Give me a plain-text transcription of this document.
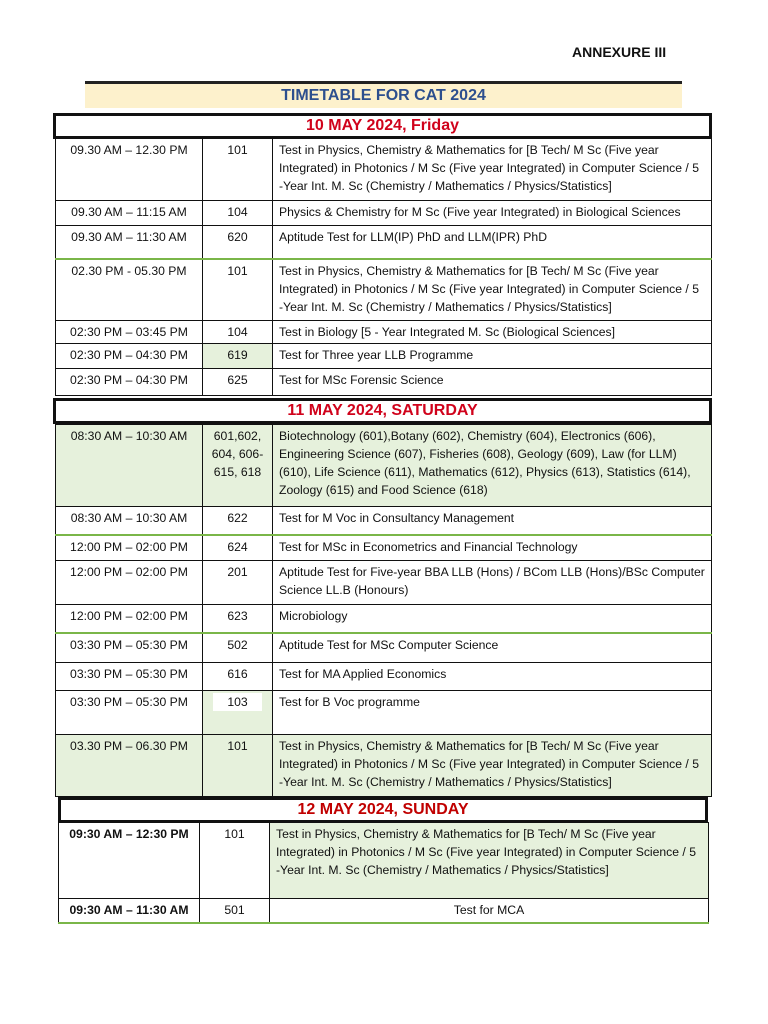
ANNEXURE III
TIMETABLE FOR CAT 2024
10 MAY 2024, Friday
09.30 AM – 12.30 PM	101	Test in Physics, Chemistry & Mathematics for [B Tech/ M Sc (Five year Integrated) in Photonics / M Sc (Five year Integrated) in Computer Science / 5 -Year Int. M. Sc (Chemistry / Mathematics / Physics/Statistics]
09.30 AM – 11:15 AM	104	Physics & Chemistry for M Sc (Five year Integrated) in Biological Sciences
09.30 AM – 11:30 AM	620	Aptitude Test for LLM(IP) PhD and LLM(IPR) PhD
02.30 PM - 05.30 PM	101	Test in Physics, Chemistry & Mathematics for [B Tech/ M Sc (Five year Integrated) in Photonics / M Sc (Five year Integrated) in Computer Science / 5 -Year Int. M. Sc (Chemistry / Mathematics / Physics/Statistics]
02:30 PM – 03:45 PM	104	Test in Biology [5 - Year Integrated M. Sc (Biological Sciences]
02:30 PM – 04:30 PM	619	Test for Three year LLB Programme
02:30 PM – 04:30 PM	625	Test for MSc Forensic Science
11 MAY 2024, SATURDAY
08:30 AM – 10:30 AM	601,602, 604, 606- 615, 618	Biotechnology (601),Botany (602), Chemistry (604), Electronics (606), Engineering Science (607), Fisheries (608), Geology (609), Law (for LLM) (610), Life Science (611), Mathematics (612), Physics (613), Statistics (614), Zoology (615) and Food Science (618)
08:30 AM – 10:30 AM	622	Test for M Voc in Consultancy Management
12:00 PM – 02:00 PM	624	Test for MSc in Econometrics and Financial Technology
12:00 PM – 02:00 PM	201	Aptitude Test for Five-year BBA LLB (Hons) / BCom LLB (Hons)/BSc Computer Science LL.B (Honours)
12:00 PM – 02:00 PM	623	Microbiology
03:30 PM – 05:30 PM	502	Aptitude Test for MSc Computer Science
03:30 PM – 05:30 PM	616	Test for MA Applied Economics
03:30 PM – 05:30 PM	103	Test for B Voc programme
03.30 PM – 06.30 PM	101	Test in Physics, Chemistry & Mathematics for [B Tech/ M Sc (Five year Integrated) in Photonics / M Sc (Five year Integrated) in Computer Science / 5 -Year Int. M. Sc (Chemistry / Mathematics / Physics/Statistics]
12 MAY 2024, SUNDAY
09:30 AM – 12:30 PM	101	Test in Physics, Chemistry & Mathematics for [B Tech/ M Sc (Five year Integrated) in Photonics / M Sc (Five year Integrated) in Computer Science / 5 -Year Int. M. Sc (Chemistry / Mathematics / Physics/Statistics]
09:30 AM – 11:30 AM	501	Test for MCA
